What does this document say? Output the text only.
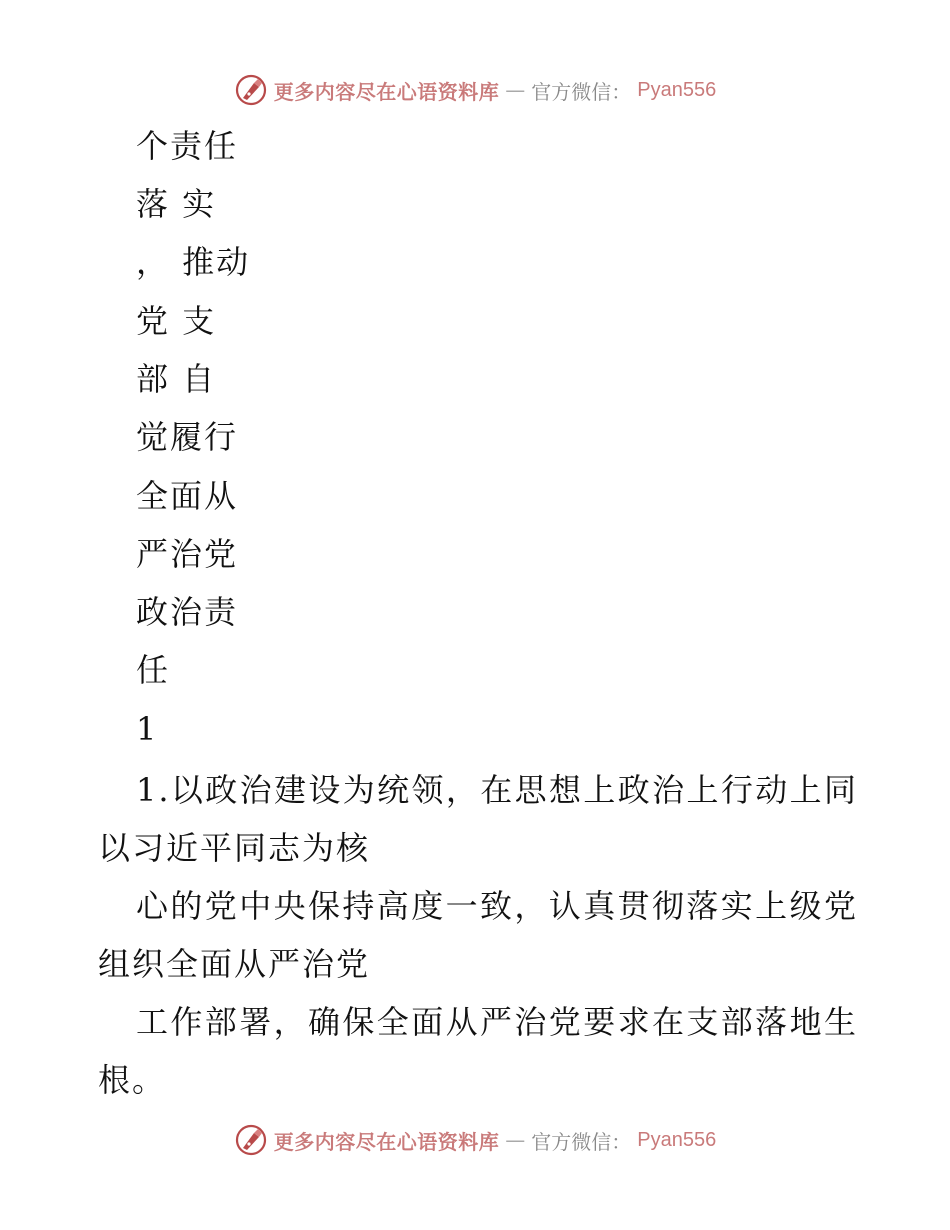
更多内容尽在心语资料库 — 官方微信： Pyan556
个责任
落 实
， 推动
党 支
部 自
觉履行
全面从
严治党
政治责
任
1
1.以政治建设为统领，在思想上政治上行动上同以习近平同志为核
心的党中央保持高度一致，认真贯彻落实上级党组织全面从严治党
工作部署，确保全面从严治党要求在支部落地生根。
更多内容尽在心语资料库 — 官方微信： Pyan556
